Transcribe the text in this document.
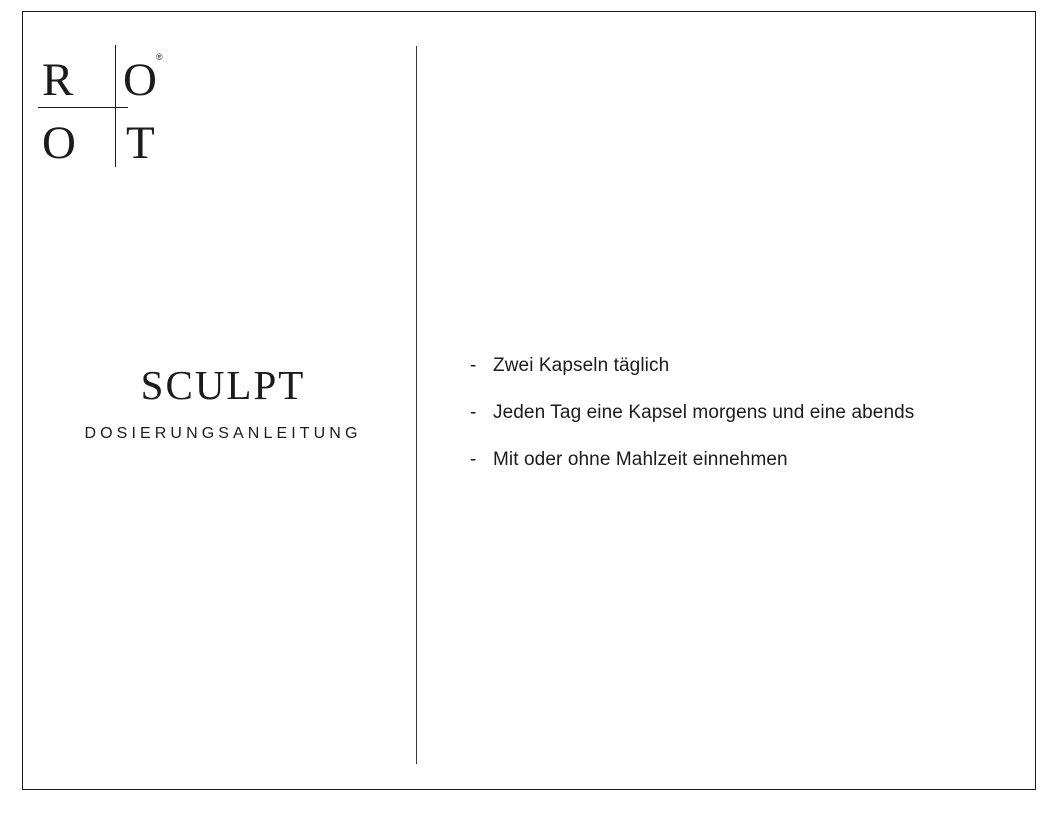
R O
O T
®
SCULPT
DOSIERUNGSANLEITUNG
- Zwei Kapseln täglich
- Jeden Tag eine Kapsel morgens und eine abends
- Mit oder ohne Mahlzeit einnehmen
